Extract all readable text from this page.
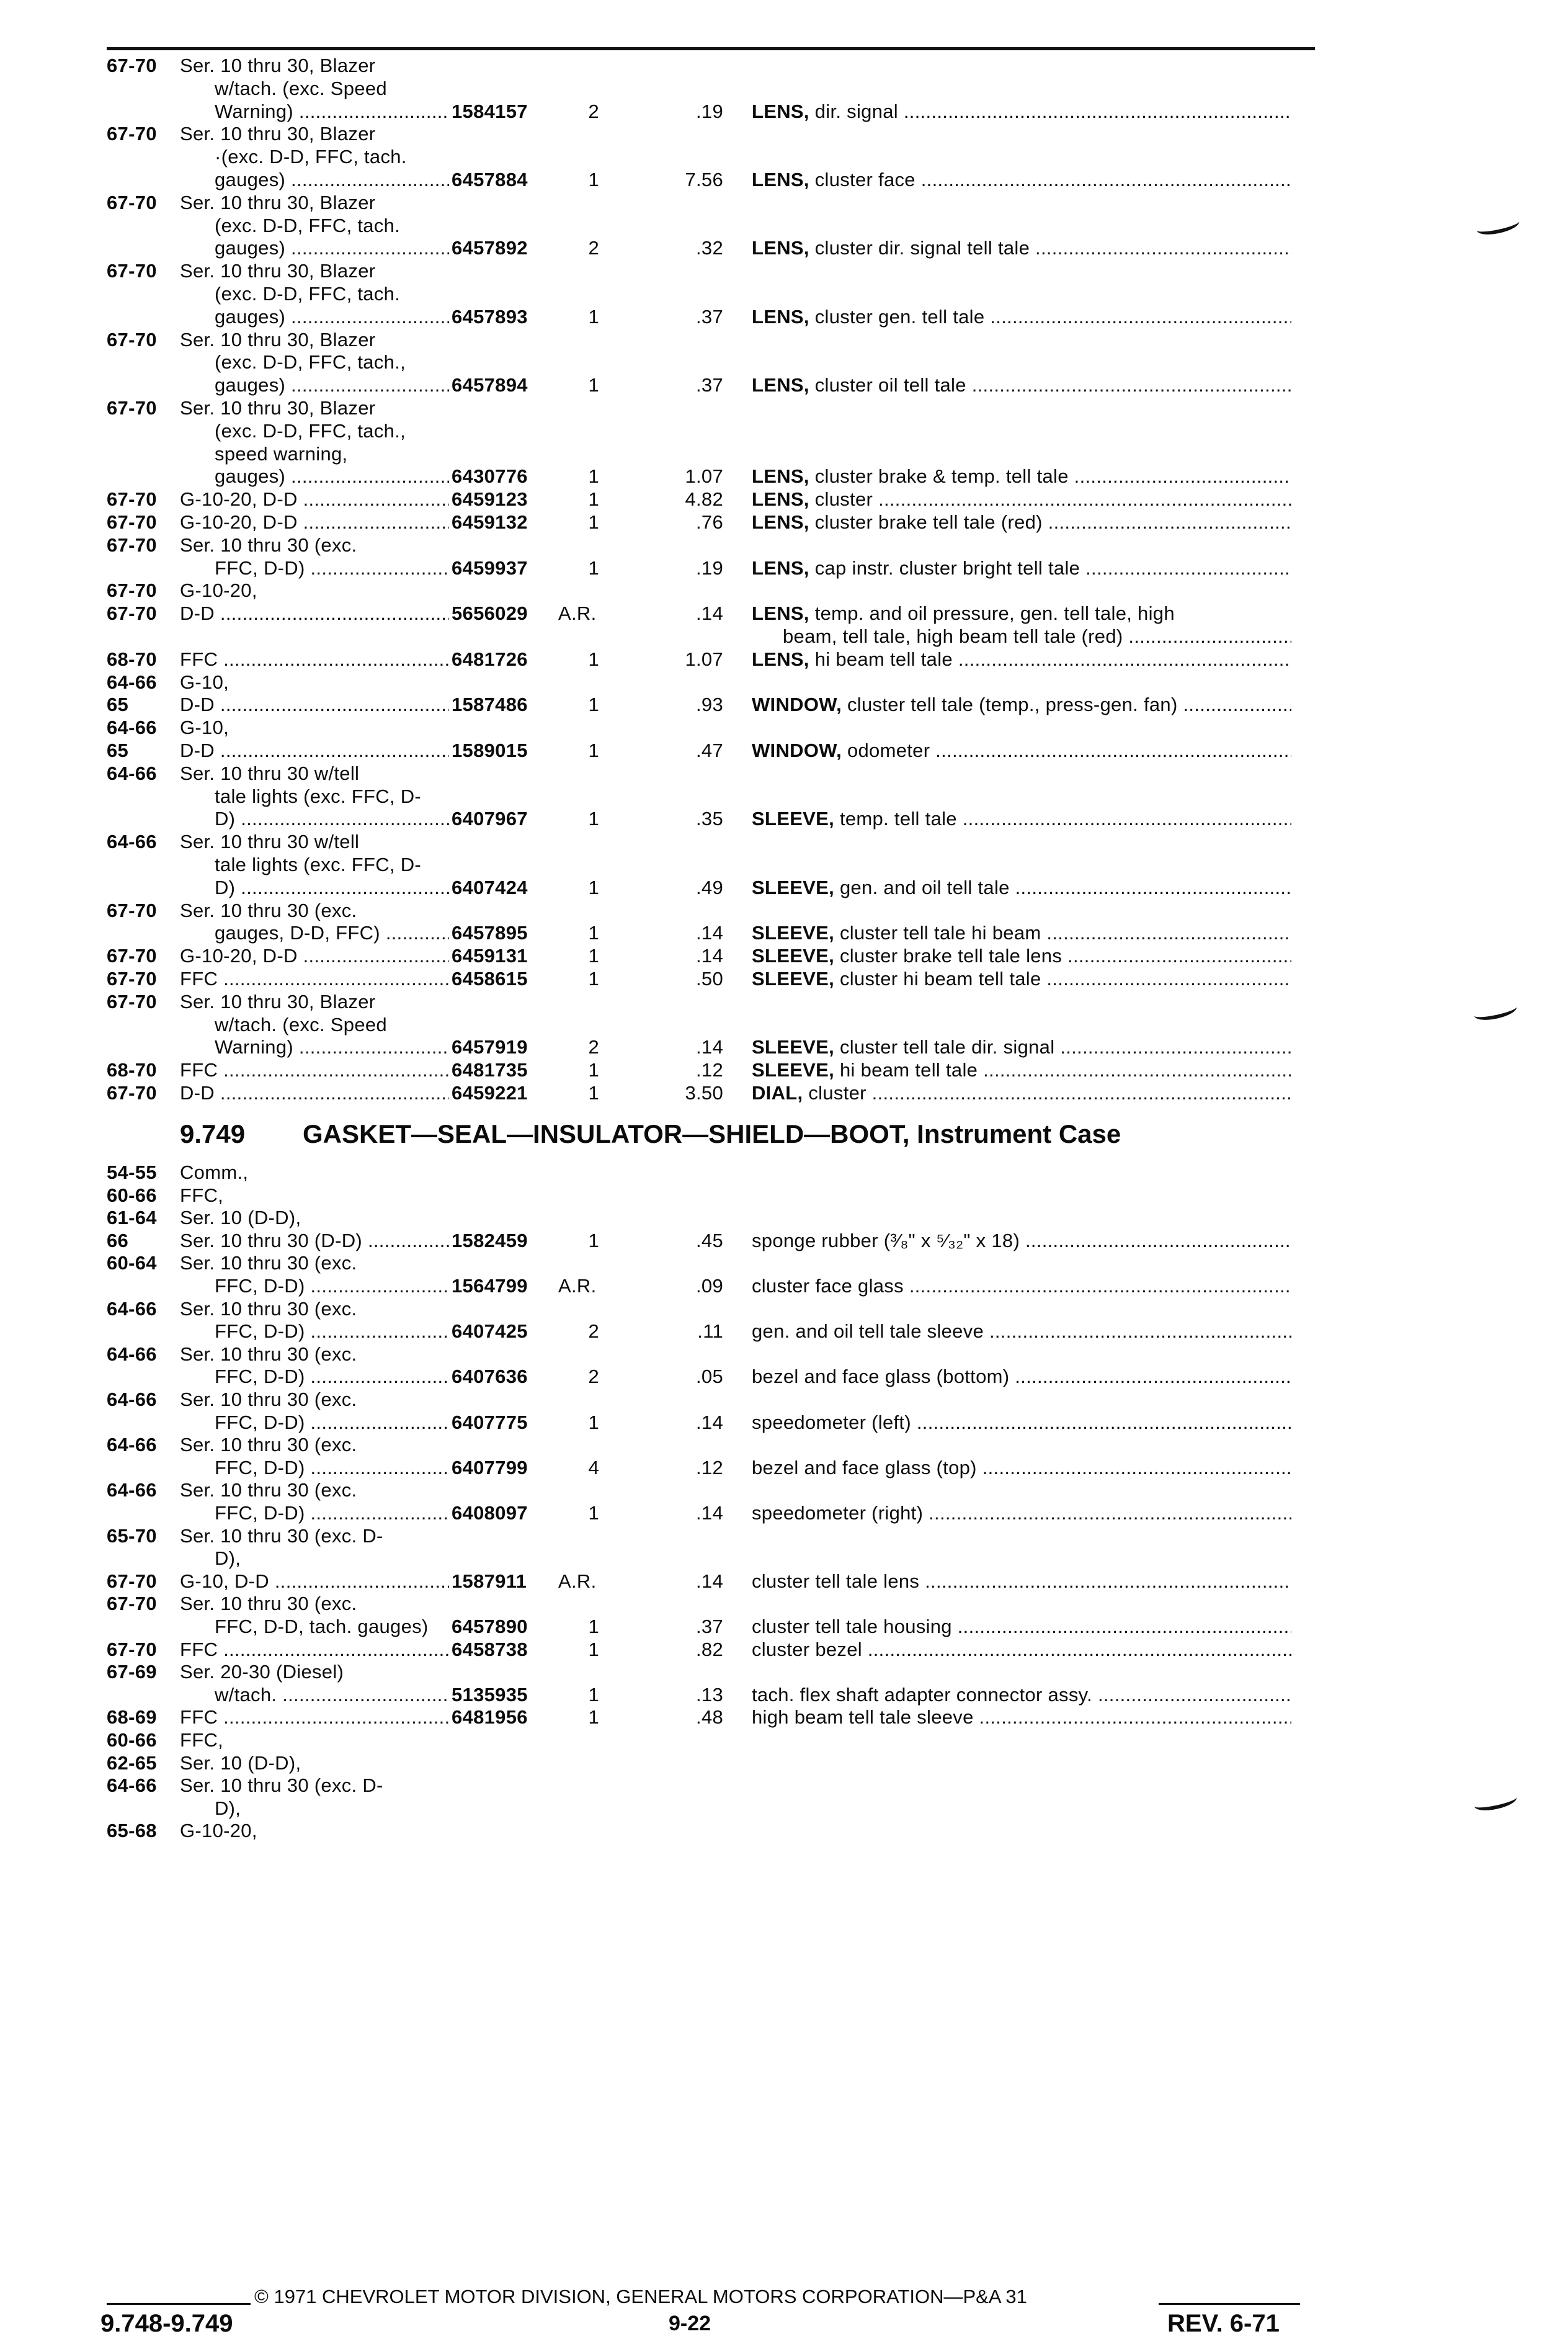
67-70	Ser. 10 thru 30, Blazer
w/tach. (exc. Speed
Warning) .....	1584157	2	.19 LENS, dir. signal .....
67-70	Ser. 10 thru 30, Blazer
·(exc. D-D, FFC, tach.
gauges) .....	6457884	1	7.56 LENS, cluster face .....
67-70	Ser. 10 thru 30, Blazer
(exc. D-D, FFC, tach.
gauges) .....	6457892	2	.32 LENS, cluster dir. signal tell tale .....
67-70	Ser. 10 thru 30, Blazer
(exc. D-D, FFC, tach.
gauges) .....	6457893	1	.37 LENS, cluster gen. tell tale .....
67-70	Ser. 10 thru 30, Blazer
(exc. D-D, FFC, tach.,
gauges) .....	6457894	1	.37 LENS, cluster oil tell tale .....
67-70	Ser. 10 thru 30, Blazer
(exc. D-D, FFC, tach.,
speed warning,
gauges) .....	6430776	1	1.07 LENS, cluster brake & temp. tell tale .....
67-70	G-10-20, D-D .....	6459123	1	4.82 LENS, cluster .....
67-70	G-10-20, D-D .....	6459132	1	.76 LENS, cluster brake tell tale (red) .....
67-70	Ser. 10 thru 30 (exc.
FFC, D-D) .....	6459937	1	.19 LENS, cap instr. cluster bright tell tale .....
67-70	G-10-20,
67-70	D-D .....	5656029	A.R.	.14 LENS, temp. and oil pressure, gen. tell tale, high
beam, tell tale, high beam tell tale (red) .....
68-70	FFC .....	6481726	1	1.07 LENS, hi beam tell tale .....
64-66	G-10,
65	D-D .....	1587486	1	.93 WINDOW, cluster tell tale (temp., press-gen. fan) .....
64-66	G-10,
65	D-D .....	1589015	1	.47 WINDOW, odometer .....
64-66	Ser. 10 thru 30 w/tell
tale lights (exc. FFC, D-
D) .....	6407967	1	.35 SLEEVE, temp. tell tale .....
64-66	Ser. 10 thru 30 w/tell
tale lights (exc. FFC, D-
D) .....	6407424	1	.49 SLEEVE, gen. and oil tell tale .....
67-70	Ser. 10 thru 30 (exc.
gauges, D-D, FFC) .....	6457895	1	.14 SLEEVE, cluster tell tale hi beam .....
67-70	G-10-20, D-D .....	6459131	1	.14 SLEEVE, cluster brake tell tale lens .....
67-70	FFC .....	6458615	1	.50 SLEEVE, cluster hi beam tell tale .....
67-70	Ser. 10 thru 30, Blazer
w/tach. (exc. Speed
Warning) .....	6457919	2	.14 SLEEVE, cluster tell tale dir. signal .....
68-70	FFC .....	6481735	1	.12 SLEEVE, hi beam tell tale .....
67-70	D-D .....	6459221	1	3.50 DIAL, cluster .....
9.749 GASKET—SEAL—INSULATOR—SHIELD—BOOT, Instrument Case
54-55	Comm.,
60-66	FFC,
61-64	Ser. 10 (D-D),
66	Ser. 10 thru 30 (D-D) .....	1582459	1	.45 sponge rubber (³⁄₈" x ⁵⁄₃₂" x 18) .....
60-64	Ser. 10 thru 30 (exc.
FFC, D-D) .....	1564799	A.R.	.09 cluster face glass .....
64-66	Ser. 10 thru 30 (exc.
FFC, D-D) .....	6407425	2	.11 gen. and oil tell tale sleeve .....
64-66	Ser. 10 thru 30 (exc.
FFC, D-D) .....	6407636	2	.05 bezel and face glass (bottom) .....
64-66	Ser. 10 thru 30 (exc.
FFC, D-D) .....	6407775	1	.14 speedometer (left) .....
64-66	Ser. 10 thru 30 (exc.
FFC, D-D) .....	6407799	4	.12 bezel and face glass (top) .....
64-66	Ser. 10 thru 30 (exc.
FFC, D-D) .....	6408097	1	.14 speedometer (right) .....
65-70	Ser. 10 thru 30 (exc. D-
D),
67-70	G-10, D-D .....	1587911	A.R.	.14 cluster tell tale lens .....
67-70	Ser. 10 thru 30 (exc.
FFC, D-D, tach. gauges)	6457890	1	.37 cluster tell tale housing .....
67-70	FFC .....	6458738	1	.82 cluster bezel .....
67-69	Ser. 20-30 (Diesel)
w/tach. .....	5135935	1	.13 tach. flex shaft adapter connector assy. .....
68-69	FFC .....	6481956	1	.48 high beam tell tale sleeve .....
60-66	FFC,
62-65	Ser. 10 (D-D),
64-66	Ser. 10 thru 30 (exc. D-
D),
65-68	G-10-20,
© 1971 CHEVROLET MOTOR DIVISION, GENERAL MOTORS CORPORATION—P&A 31
9.748-9.749	9-22	REV. 6-71
